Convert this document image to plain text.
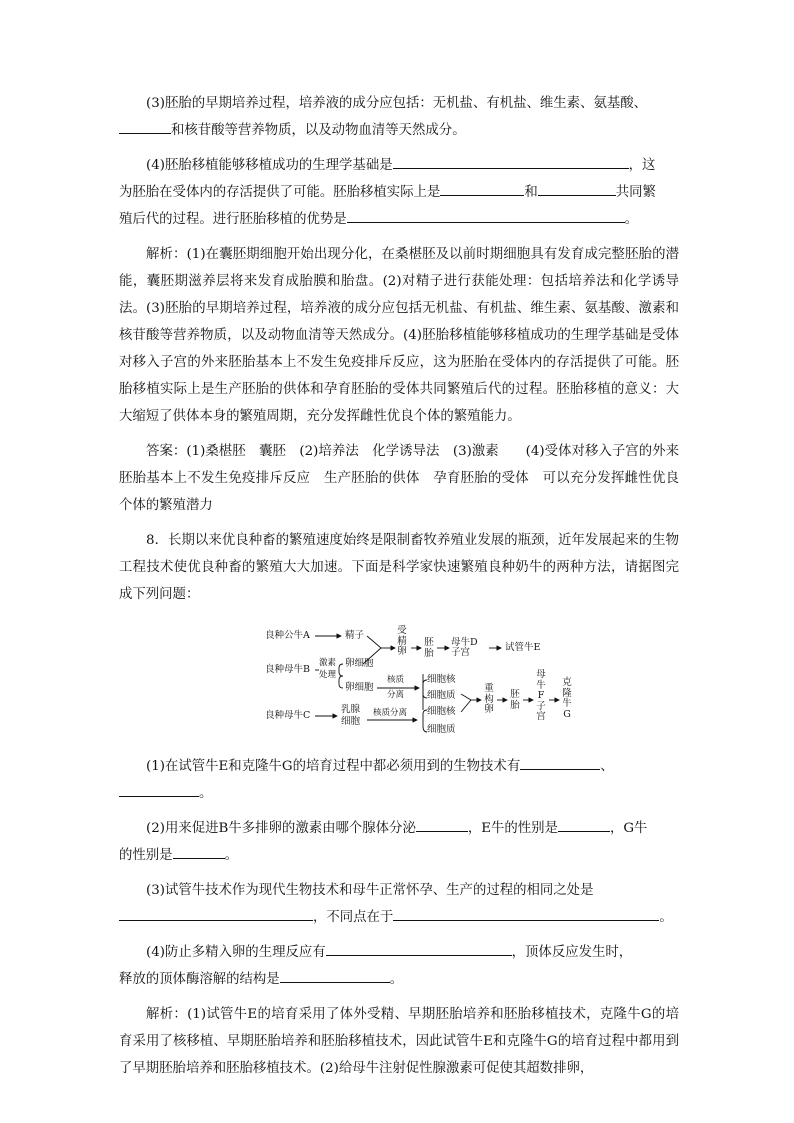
(3)胚胎的早期培养过程，培养液的成分应包括：无机盐、有机盐、维生素、氨基酸、

和核苷酸等营养物质，以及动物血清等天然成分。

(4)胚胎移植能够移植成功的生理学基础是	，这

为胚胎在受体内的存活提供了可能。胚胎移植实际上是	和	共同繁

殖后代的过程。进行胚胎移植的优势是	。

解析：(1)在囊胚期细胞开始出现分化，在桑椹胚及以前时期细胞具有发育成完整胚胎的潜能，囊胚期滋养层将来发育成胎膜和胎盘。(2)对精子进行获能处理：包括培养法和化学诱导法。(3)胚胎的早期培养过程，培养液的成分应包括无机盐、有机盐、维生素、氨基酸、激素和核苷酸等营养物质，以及动物血清等天然成分。(4)胚胎移植能够移植成功的生理学基础是受体对移入子宫的外来胚胎基本上不发生免疫排斥反应，这为胚胎在受体内的存活提供了可能。胚胎移植实际上是生产胚胎的供体和孕育胚胎的受体共同繁殖后代的过程。胚胎移植的意义：大大缩短了供体本身的繁殖周期，充分发挥雌性优良个体的繁殖能力。

答案：(1)桑椹胚　囊胚　(2)培养法　化学诱导法　(3)激素　　(4)受体对移入子宫的外来胚胎基本上不发生免疫排斥反应　生产胚胎的供体　孕育胚胎的受体　可以充分发挥雌性优良个体的繁殖潜力

8．长期以来优良种畜的繁殖速度始终是限制畜牧养殖业发展的瓶颈，近年发展起来的生物工程技术使优良种畜的繁殖大大加速。下面是科学家快速繁殖良种奶牛的两种方法，请据图完成下列问题：

良种公牛A	精子	受精卵
胚胎
母牛D子宫	试管牛E
良种母牛B
激素
处理
卵细胞
卵细胞
核质
分离
细胞核
细胞质
良种母牛C
乳腺
细胞
核质分离 细胞核
细胞质
重构卵
胚胎
母牛F子宫
克隆牛G

(1)在试管牛E和克隆牛G的培育过程中都必须用到的生物技术有	、

。

(2)用来促进B牛多排卵的激素由哪个腺体分泌	，E牛的性别是	，G牛

的性别是	。

(3)试管牛技术作为现代生物技术和母牛正常怀孕、生产的过程的相同之处是

，不同点在于	。

(4)防止多精入卵的生理反应有	，顶体反应发生时，

释放的顶体酶溶解的结构是	。

解析：(1)试管牛E的培育采用了体外受精、早期胚胎培养和胚胎移植技术，克隆牛G的培育采用了核移植、早期胚胎培养和胚胎移植技术，因此试管牛E和克隆牛G的培育过程中都用到了早期胚胎培养和胚胎移植技术。(2)给母牛注射促性腺激素可促使其超数排卵，
